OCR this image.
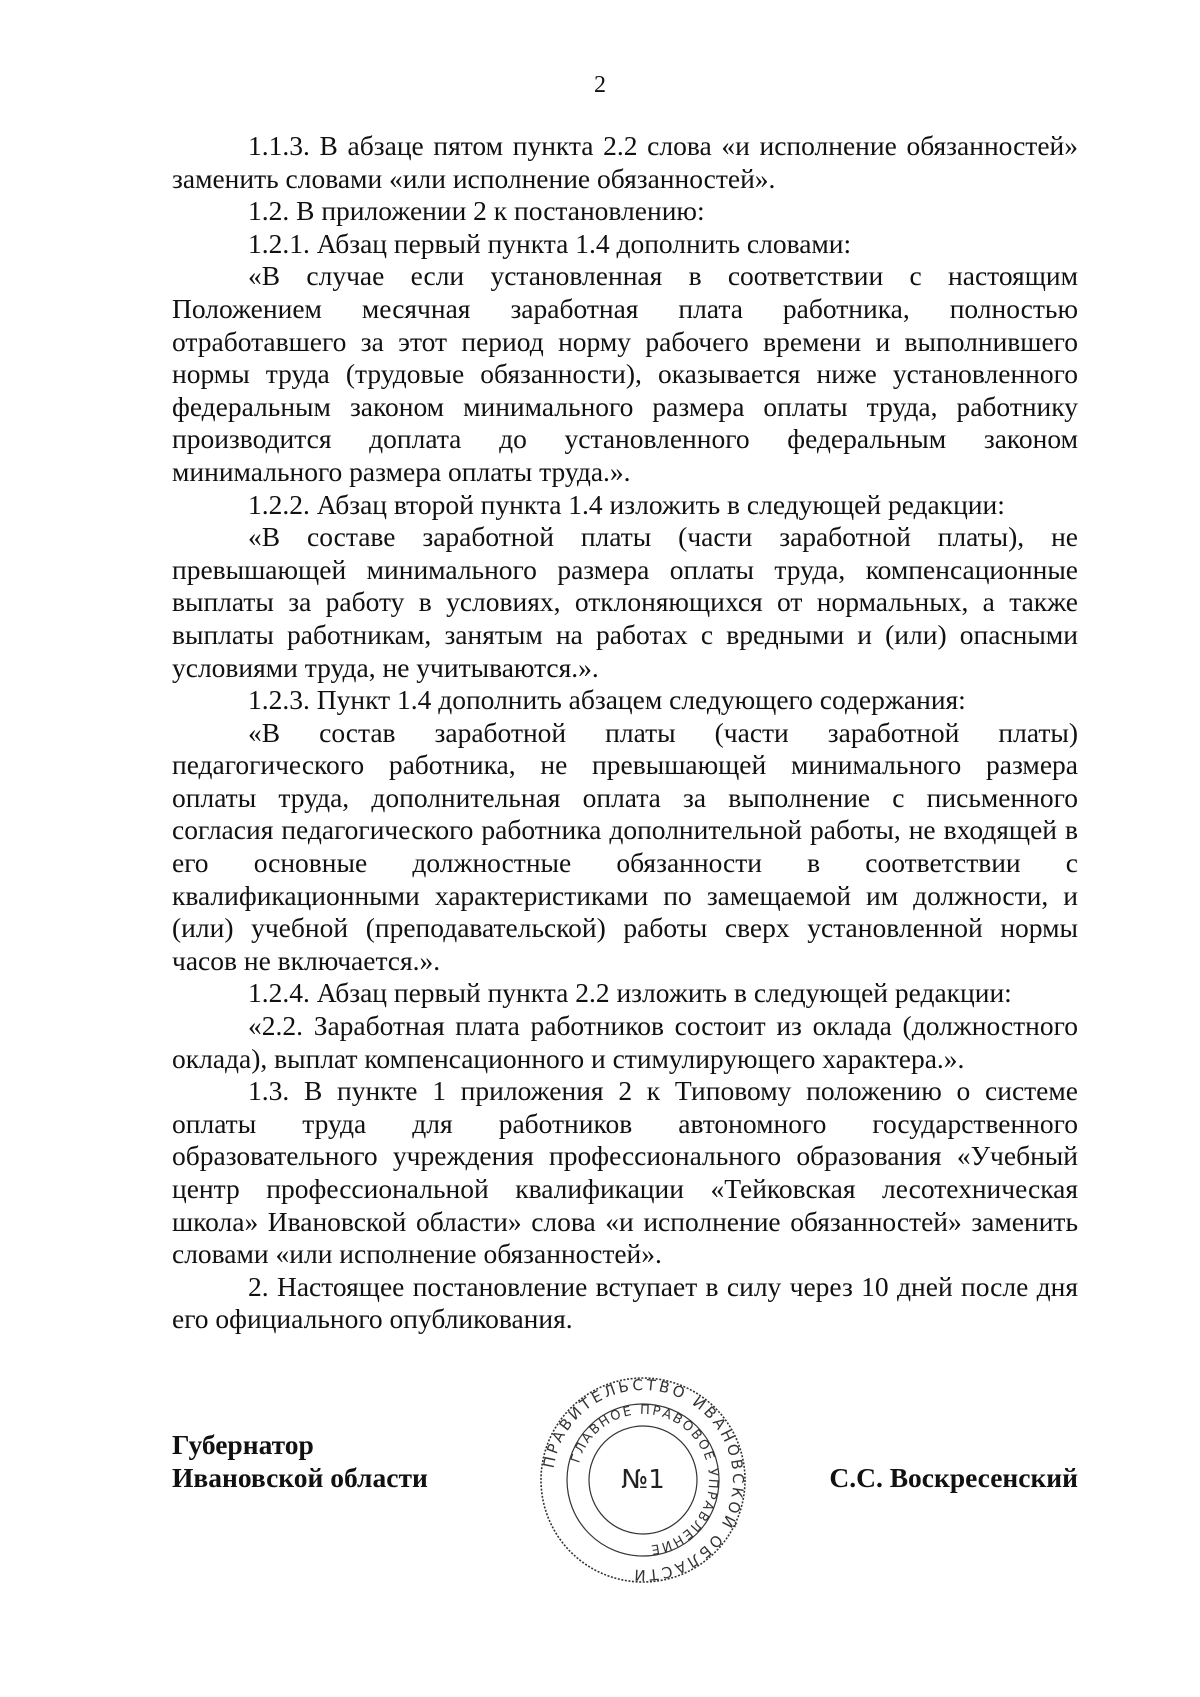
2

1.1.3. В абзаце пятом пункта 2.2 слова «и исполнение обязанностей» заменить словами «или исполнение обязанностей».

1.2. В приложении 2 к постановлению:

1.2.1. Абзац первый пункта 1.4 дополнить словами:

«В случае если установленная в соответствии с настоящим Положением месячная заработная плата работника, полностью отработавшего за этот период норму рабочего времени и выполнившего нормы труда (трудовые обязанности), оказывается ниже установленного федеральным законом минимального размера оплаты труда, работнику производится доплата до установленного федеральным законом минимального размера оплаты труда.».

1.2.2. Абзац второй пункта 1.4 изложить в следующей редакции:

«В составе заработной платы (части заработной платы), не превышающей минимального размера оплаты труда, компенсационные выплаты за работу в условиях, отклоняющихся от нормальных, а также выплаты работникам, занятым на работах с вредными и (или) опасными условиями труда, не учитываются.».

1.2.3. Пункт 1.4 дополнить абзацем следующего содержания:

«В состав заработной платы (части заработной платы) педагогического работника, не превышающей минимального размера оплаты труда, дополнительная оплата за выполнение с письменного согласия педагогического работника дополнительной работы, не входящей в его основные должностные обязанности в соответствии с квалификационными характеристиками по замещаемой им должности, и (или) учебной (преподавательской) работы сверх установленной нормы часов не включается.».

1.2.4. Абзац первый пункта 2.2 изложить в следующей редакции:

«2.2. Заработная плата работников состоит из оклада (должностного оклада), выплат компенсационного и стимулирующего характера.».

1.3. В пункте 1 приложения 2 к Типовому положению о системе оплаты труда для работников автономного государственного образовательного учреждения профессионального образования «Учебный центр профессиональной квалификации «Тейковская лесотехническая школа» Ивановской области» слова «и исполнение обязанностей» заменить словами «или исполнение обязанностей».

2. Настоящее постановление вступает в силу через 10 дней после дня его официального опубликования.

Губернатор
Ивановской области	С.С. Воскресенский
ПРАВИТЕЛЬСТВО ИВАНОВСКОЙ ОБЛАСТИ
ГЛАВНОЕ ПРАВОВОЕ УПРАВЛЕНИЕ
№1
